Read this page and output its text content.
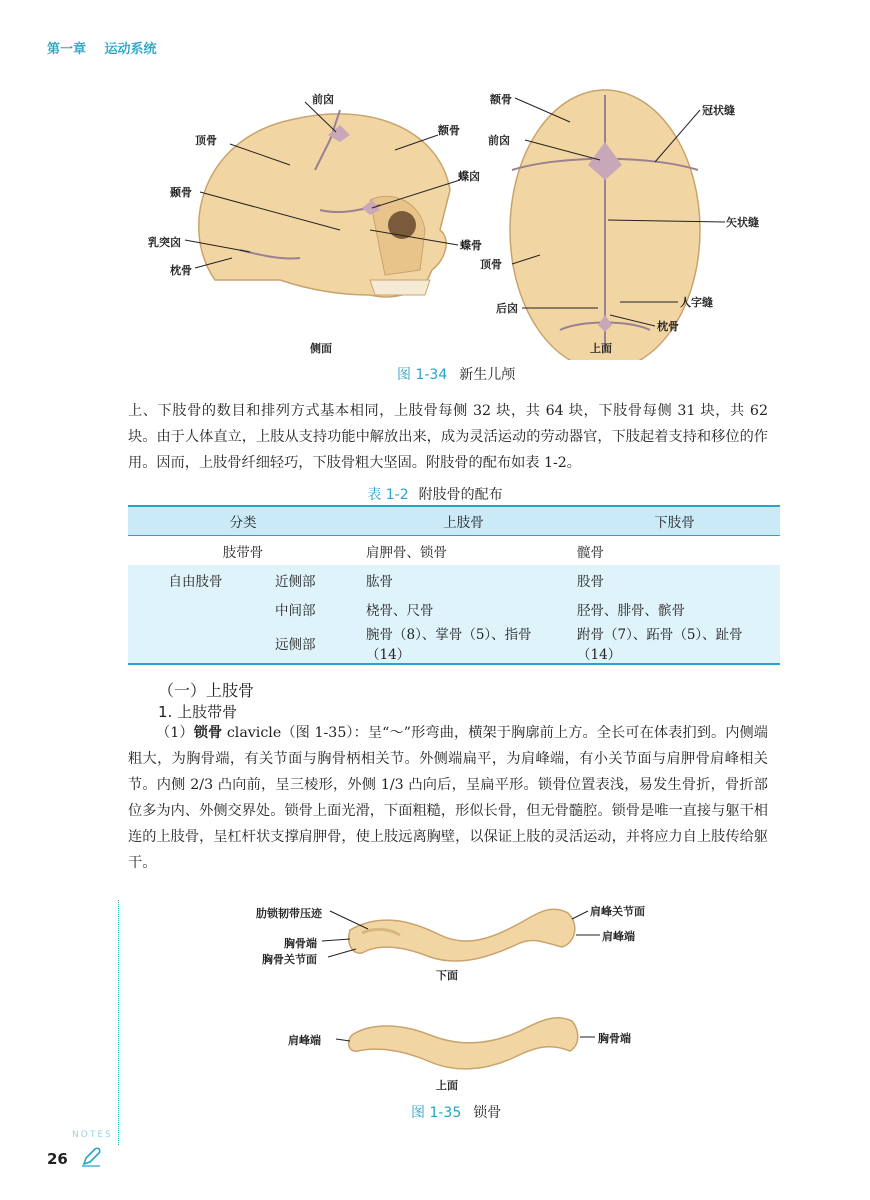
第一章 运动系统
前囟
额骨
顶骨
蝶囟
颞骨
乳突囟	蝶骨
枕骨
额骨
冠状缝
前囟
矢状缝
顶骨
人字缝
后囟
枕骨
侧面	上面
图 1-34 新生儿颅
上、下肢骨的数目和排列方式基本相同，上肢骨每侧 32 块，共 64 块，下肢骨每侧 31 块，共 62 块。由于人体直立，上肢从支持功能中解放出来，成为灵活运动的劳动器官，下肢起着支持和移位的作用。因而，上肢骨纤细轻巧，下肢骨粗大坚固。附肢骨的配布如表 1-2。
表 1-2 附肢骨的配布
分类		上肢骨	下肢骨
肢带骨		肩胛骨、锁骨	髋骨
自由肢骨	近侧部	肱骨	股骨
	中间部	桡骨、尺骨	胫骨、腓骨、髌骨
	远侧部	腕骨（8）、掌骨（5）、指骨（14）	跗骨（7）、跖骨（5）、趾骨（14）
（一）上肢骨
1. 上肢带骨
（1）锁骨 clavicle（图 1-35）：呈“～”形弯曲，横架于胸廓前上方。全长可在体表扪到。内侧端粗大，为胸骨端，有关节面与胸骨柄相关节。外侧端扁平，为肩峰端，有小关节面与肩胛骨肩峰相关节。内侧 2/3 凸向前，呈三棱形，外侧 1/3 凸向后，呈扁平形。锁骨位置表浅，易发生骨折，骨折部位多为内、外侧交界处。锁骨上面光滑，下面粗糙，形似长骨，但无骨髓腔。锁骨是唯一直接与躯干相连的上肢骨，呈杠杆状支撑肩胛骨，使上肢远离胸壁，以保证上肢的灵活运动，并将应力自上肢传给躯干。
肋锁韧带压迹
胸骨端
胸骨关节面
肩峰关节面
肩峰端
下面
肩峰端	胸骨端
上面
图 1-35 锁骨
NOTES
26
